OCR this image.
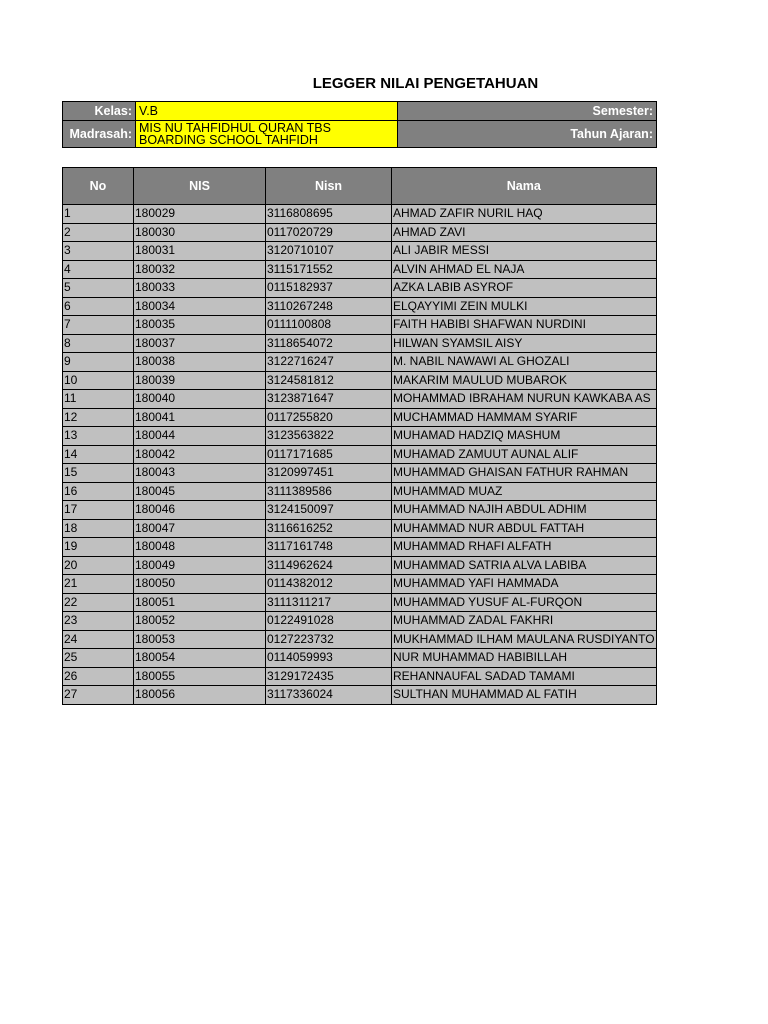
LEGGER NILAI PENGETAHUAN
Kelas:	V.B	Semester:
Madrasah:	MIS NU TAHFIDHUL QURAN TBS BOARDING SCHOOL TAHFIDH	Tahun Ajaran:
No	NIS	Nisn	Nama
1	180029	3116808695	AHMAD ZAFIR NURIL HAQ
2	180030	0117020729	AHMAD ZAVI
3	180031	3120710107	ALI JABIR MESSI
4	180032	3115171552	ALVIN AHMAD EL NAJA
5	180033	0115182937	AZKA LABIB ASYROF
6	180034	3110267248	ELQAYYIMI ZEIN MULKI
7	180035	0111100808	FAITH HABIBI SHAFWAN NURDINI
8	180037	3118654072	HILWAN SYAMSIL AISY
9	180038	3122716247	M. NABIL NAWAWI AL GHOZALI
10	180039	3124581812	MAKARIM MAULUD MUBAROK
11	180040	3123871647	MOHAMMAD IBRAHAM NURUN KAWKABA AS
12	180041	0117255820	MUCHAMMAD HAMMAM SYARIF
13	180044	3123563822	MUHAMAD HADZIQ MASHUM
14	180042	0117171685	MUHAMAD ZAMUUT AUNAL ALIF
15	180043	3120997451	MUHAMMAD GHAISAN FATHUR RAHMAN
16	180045	3111389586	MUHAMMAD MUAZ
17	180046	3124150097	MUHAMMAD NAJIH ABDUL ADHIM
18	180047	3116616252	MUHAMMAD NUR ABDUL FATTAH
19	180048	3117161748	MUHAMMAD RHAFI ALFATH
20	180049	3114962624	MUHAMMAD SATRIA ALVA LABIBA
21	180050	0114382012	MUHAMMAD YAFI HAMMADA
22	180051	3111311217	MUHAMMAD YUSUF AL-FURQON
23	180052	0122491028	MUHAMMAD ZADAL FAKHRI
24	180053	0127223732	MUKHAMMAD ILHAM MAULANA RUSDIYANTO
25	180054	0114059993	NUR MUHAMMAD HABIBILLAH
26	180055	3129172435	REHANNAUFAL SADAD TAMAMI
27	180056	3117336024	SULTHAN MUHAMMAD AL FATIH
